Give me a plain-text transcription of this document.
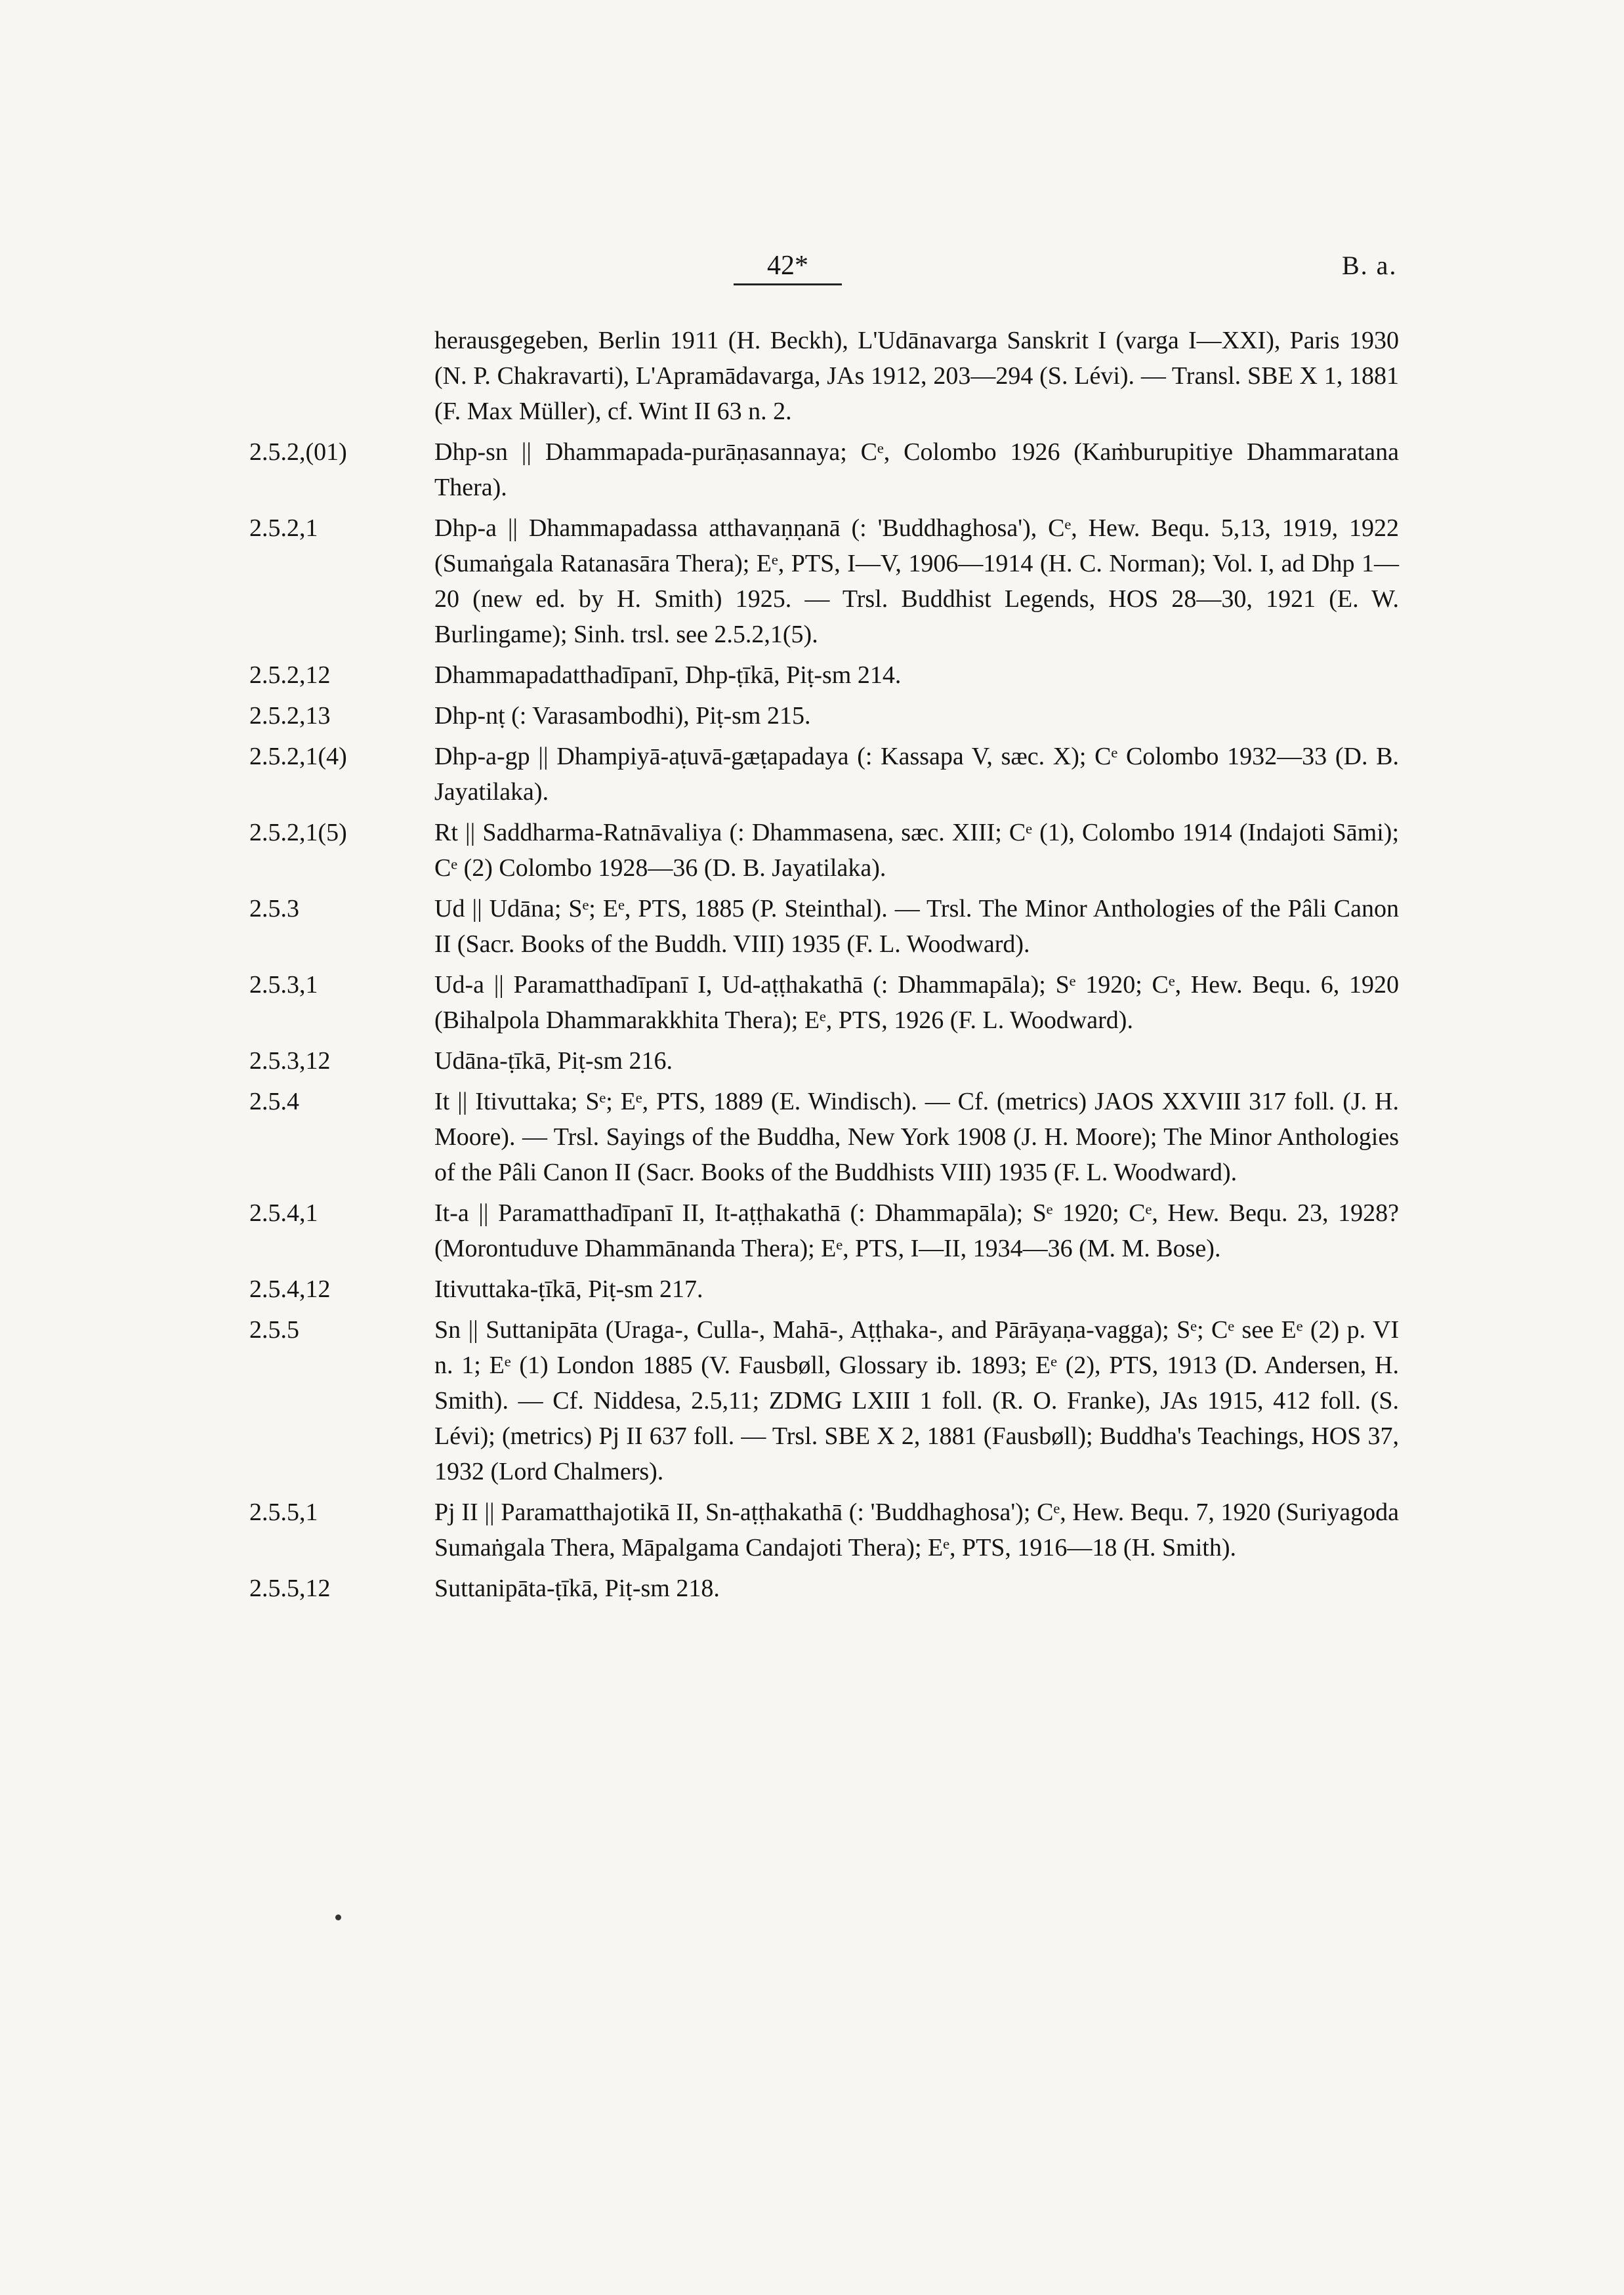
42*	B. a.
herausgegeben, Berlin 1911 (H. Beckh), L'Udānavarga Sanskrit I (varga I—XXI), Paris 1930 (N. P. Chakravarti), L'Apramādavarga, JAs 1912, 203—294 (S. Lévi). — Transl. SBE X 1, 1881 (F. Max Müller), cf. Wint II 63 n. 2.
2.5.2,(01)	Dhp-sn || Dhammapada-purāṇasannaya; Cᵉ, Colombo 1926 (Kaṁburupitiye Dhammaratana Thera).
2.5.2,1	Dhp-a || Dhammapadassa atthavaṇṇanā (: 'Buddhaghosa'), Cᵉ, Hew. Bequ. 5,13, 1919, 1922 (Sumaṅgala Ratanasāra Thera); Eᵉ, PTS, I—V, 1906—1914 (H. C. Norman); Vol. I, ad Dhp 1—20 (new ed. by H. Smith) 1925. — Trsl. Buddhist Legends, HOS 28—30, 1921 (E. W. Burlingame); Sinh. trsl. see 2.5.2,1(5).
2.5.2,12	Dhammapadatthadīpanī, Dhp-ṭīkā, Piṭ-sm 214.
2.5.2,13	Dhp-nṭ (: Varasambodhi), Piṭ-sm 215.
2.5.2,1(4)	Dhp-a-gp || Dhampiyā-aṭuvā-gæṭapadaya (: Kassapa V, sæc. X); Cᵉ Colombo 1932—33 (D. B. Jayatilaka).
2.5.2,1(5)	Rt || Saddharma-Ratnāvaliya (: Dhammasena, sæc. XIII; Cᵉ (1), Colombo 1914 (Indajoti Sāmi); Cᵉ (2) Colombo 1928—36 (D. B. Jayatilaka).
2.5.3	Ud || Udāna; Sᵉ; Eᵉ, PTS, 1885 (P. Steinthal). — Trsl. The Minor Anthologies of the Pâli Canon II (Sacr. Books of the Buddh. VIII) 1935 (F. L. Woodward).
2.5.3,1	Ud-a || Paramatthadīpanī I, Ud-aṭṭhakathā (: Dhammapāla); Sᵉ 1920; Cᵉ, Hew. Bequ. 6, 1920 (Bihalpola Dhammarakkhita Thera); Eᵉ, PTS, 1926 (F. L. Woodward).
2.5.3,12	Udāna-ṭīkā, Piṭ-sm 216.
2.5.4	It || Itivuttaka; Sᵉ; Eᵉ, PTS, 1889 (E. Windisch). — Cf. (metrics) JAOS XXVIII 317 foll. (J. H. Moore). — Trsl. Sayings of the Buddha, New York 1908 (J. H. Moore); The Minor Anthologies of the Pâli Canon II (Sacr. Books of the Buddhists VIII) 1935 (F. L. Woodward).
2.5.4,1	It-a || Paramatthadīpanī II, It-aṭṭhakathā (: Dhammapāla); Sᵉ 1920; Cᵉ, Hew. Bequ. 23, 1928? (Morontuduve Dhammānanda Thera); Eᵉ, PTS, I—II, 1934—36 (M. M. Bose).
2.5.4,12	Itivuttaka-ṭīkā, Piṭ-sm 217.
2.5.5	Sn || Suttanipāta (Uraga-, Culla-, Mahā-, Aṭṭhaka-, and Pārāyaṇa-vagga); Sᵉ; Cᵉ see Eᵉ (2) p. VI n. 1; Eᵉ (1) London 1885 (V. Fausbøll, Glossary ib. 1893; Eᵉ (2), PTS, 1913 (D. Andersen, H. Smith). — Cf. Niddesa, 2.5,11; ZDMG LXIII 1 foll. (R. O. Franke), JAs 1915, 412 foll. (S. Lévi); (metrics) Pj II 637 foll. — Trsl. SBE X 2, 1881 (Fausbøll); Buddha's Teachings, HOS 37, 1932 (Lord Chalmers).
2.5.5,1	Pj II || Paramatthajotikā II, Sn-aṭṭhakathā (: 'Buddhaghosa'); Cᵉ, Hew. Bequ. 7, 1920 (Suriyagoda Sumaṅgala Thera, Māpalgama Candajoti Thera); Eᵉ, PTS, 1916—18 (H. Smith).
2.5.5,12	Suttanipāta-ṭīkā, Piṭ-sm 218.
